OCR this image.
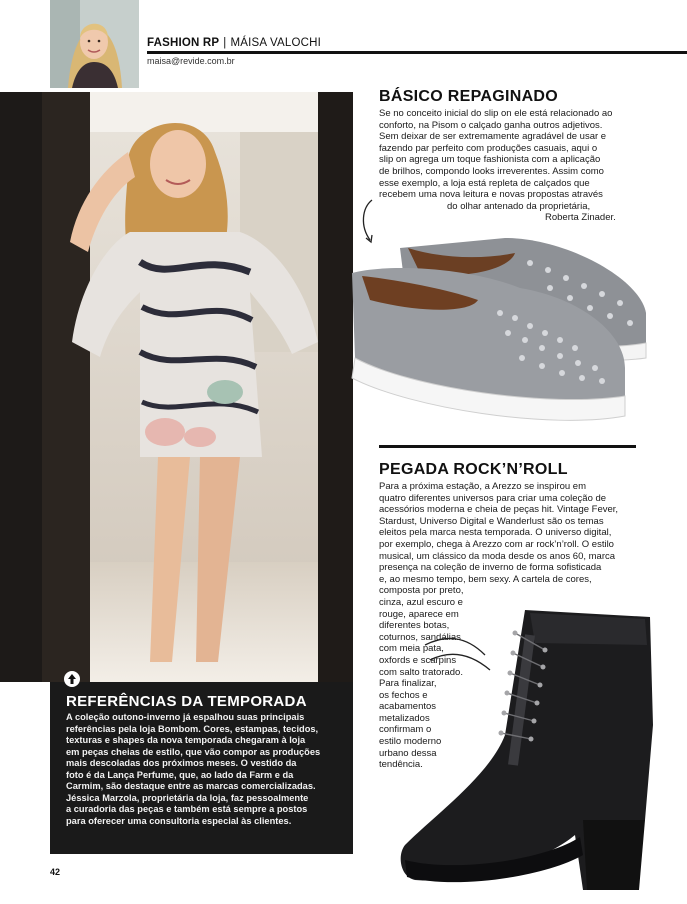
FASHION RP | MÁISA VALOCHI
maisa@revide.com.br
REFERÊNCIAS DA TEMPORADA
A coleção outono-inverno já espalhou suas principais
referências pela loja Bombom. Cores, estampas, tecidos,
texturas e shapes da nova temporada chegaram à loja
em peças cheias de estilo, que vão compor as produções
mais descoladas dos próximos meses. O vestido da
foto é da Lança Perfume, que, ao lado da Farm e da
Carmim, são destaque entre as marcas comercializadas.
Jéssica Marzola, proprietária da loja, faz pessoalmente
a curadoria das peças e também está sempre a postos
para oferecer uma consultoria especial às clientes.
42
BÁSICO REPAGINADO
Se no conceito inicial do slip on ele está relacionado ao
conforto, na Pisom o calçado ganha outros adjetivos.
Sem deixar de ser extremamente agradável de usar e
fazendo par perfeito com produções casuais, aqui o
slip on agrega um toque fashionista com a aplicação
de brilhos, compondo looks irreverentes. Assim como
esse exemplo, a loja está repleta de calçados que
recebem uma nova leitura e novas propostas através
do olhar antenado da proprietária,
Roberta Zinader.
PEGADA ROCK’N’ROLL
Para a próxima estação, a Arezzo se inspirou em
quatro diferentes universos para criar uma coleção de
acessórios moderna e cheia de peças hit. Vintage Fever,
Stardust, Universo Digital e Wanderlust são os temas
eleitos pela marca nesta temporada. O universo digital,
por exemplo, chega à Arezzo com ar rock’n’roll. O estilo
musical, um clássico da moda desde os anos 60, marca
presença na coleção de inverno de forma sofisticada
e, ao mesmo tempo, bem sexy. A cartela de cores,
composta por preto,
cinza, azul escuro e
rouge, aparece em
diferentes botas,
coturnos, sandálias
com meia pata,
oxfords e scarpins
com salto tratorado.
Para finalizar,
os fechos e
acabamentos
metalizados
confirmam o
estilo moderno
urbano dessa
tendência.
